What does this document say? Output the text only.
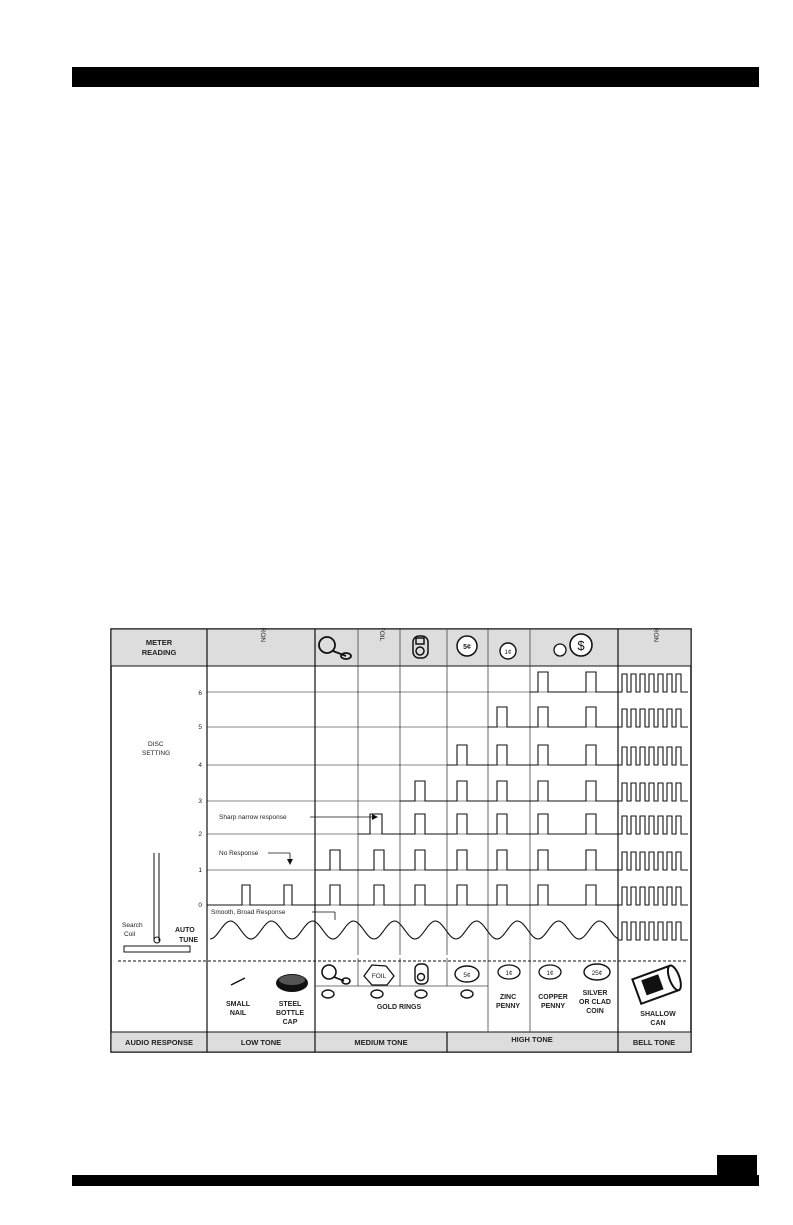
METER
READING
IRON	FOIL	IRON
5¢
1¢	$
DISC
SETTING
AUTO
TUNE
Search
Coil
6
5
4
3
2
1
0
Sharp narrow response
No Response
Smooth, Broad Response
SMALL
NAIL
STEEL
BOTTLE
CAP
FOIL	5¢	1¢
ZINC
PENNY
1¢
COPPER
PENNY
25¢
SILVER
OR CLAD
COIN	SHALLOW
CAN
GOLD RINGS
AUDIO RESPONSE	LOW TONE	MEDIUM TONE	HIGH TONE	BELL TONE
